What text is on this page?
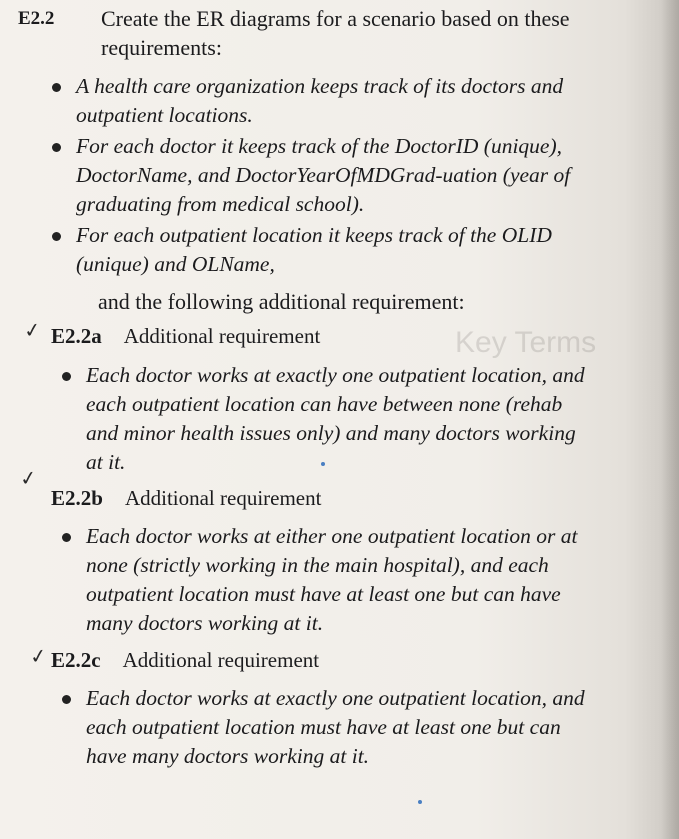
Key Terms
E2.2 Create the ER diagrams for a scenario based on these requirements:
A health care organization keeps track of its doctors and outpatient locations.
For each doctor it keeps track of the DoctorID (unique), DoctorName, and DoctorYearOfMDGrad-uation (year of graduating from medical school).
For each outpatient location it keeps track of the OLID (unique) and OLName,
and the following additional requirement:
✓ E2.2a Additional requirement
Each doctor works at exactly one outpatient location, and each outpatient location can have between none (rehab and minor health issues only) and many doctors working at it.
✓
E2.2b Additional requirement
Each doctor works at either one outpatient location or at none (strictly working in the main hospital), and each outpatient location must have at least one but can have many doctors working at it.
✓ E2.2c Additional requirement
Each doctor works at exactly one outpatient location, and each outpatient location must have at least one but can have many doctors working at it.
